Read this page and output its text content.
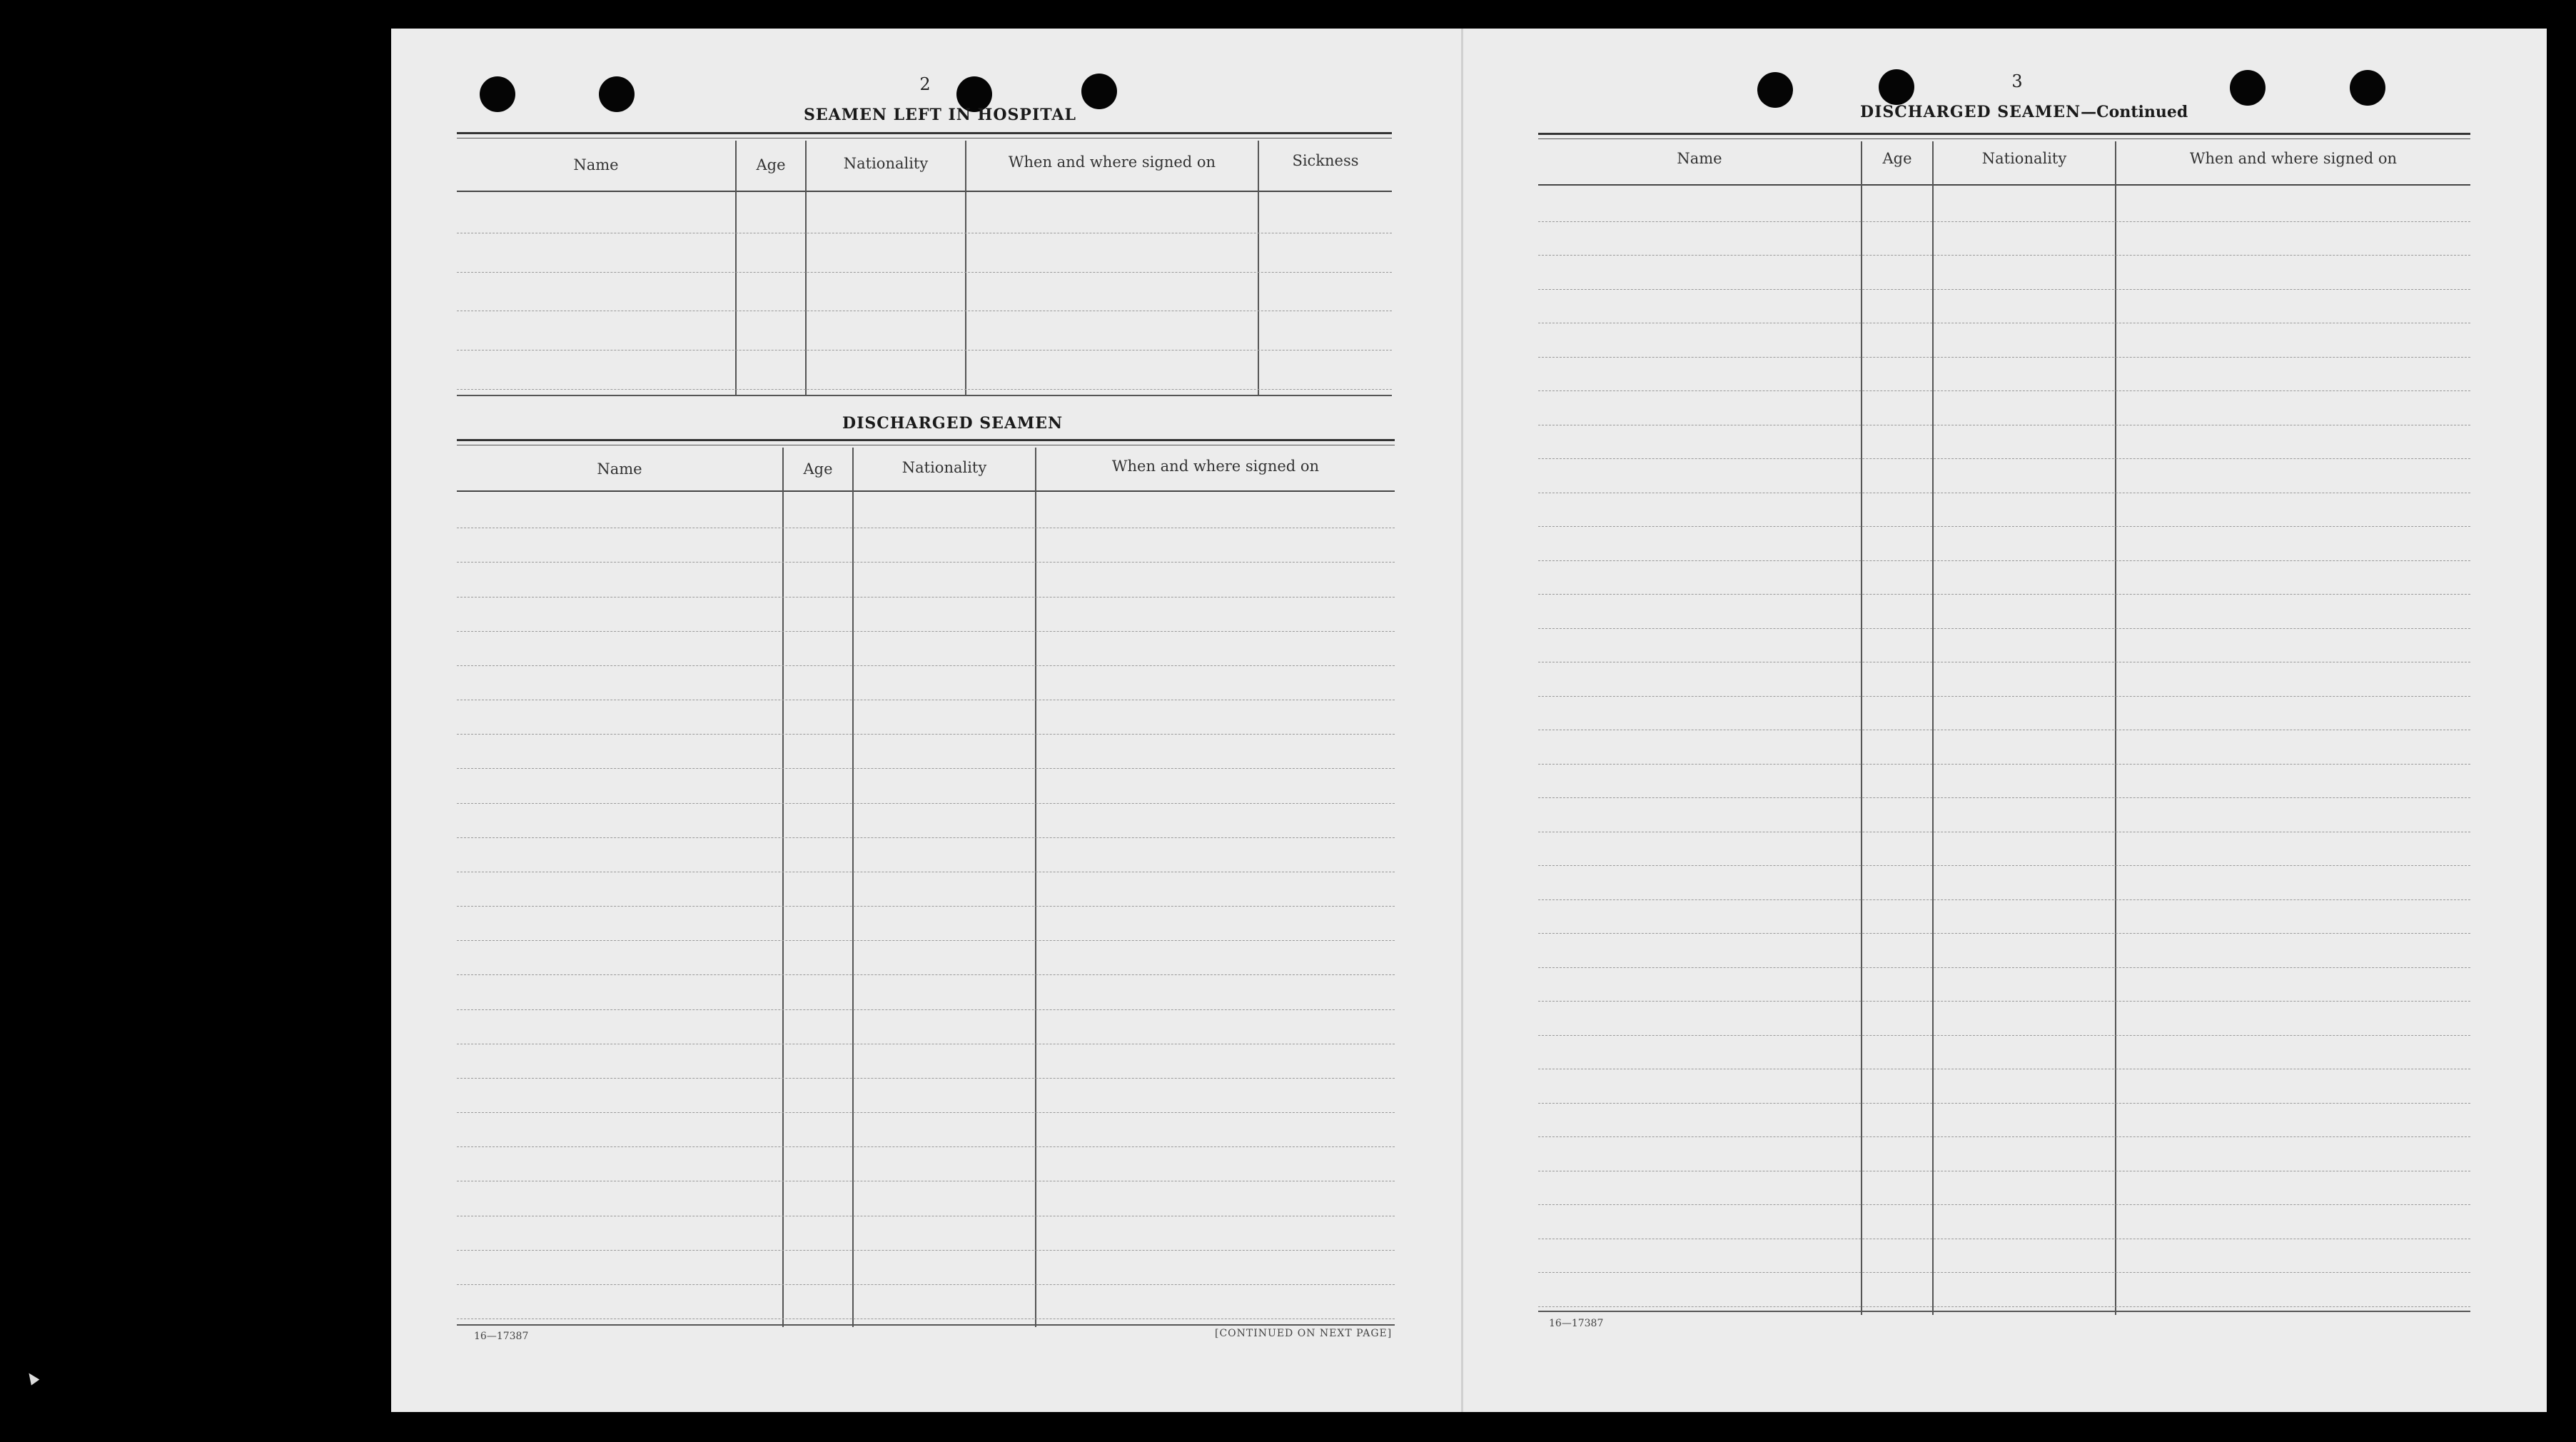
2
SEAMEN LEFT IN HOSPITAL
Name	Age	Nationality	When and where signed on	Sickness
DISCHARGED SEAMEN
Name	Age	Nationality	When and where signed on
16—17387	[CONTINUED ON NEXT PAGE]
3
DISCHARGED SEAMEN—Continued
Name	Age	Nationality	When and where signed on
16—17387
